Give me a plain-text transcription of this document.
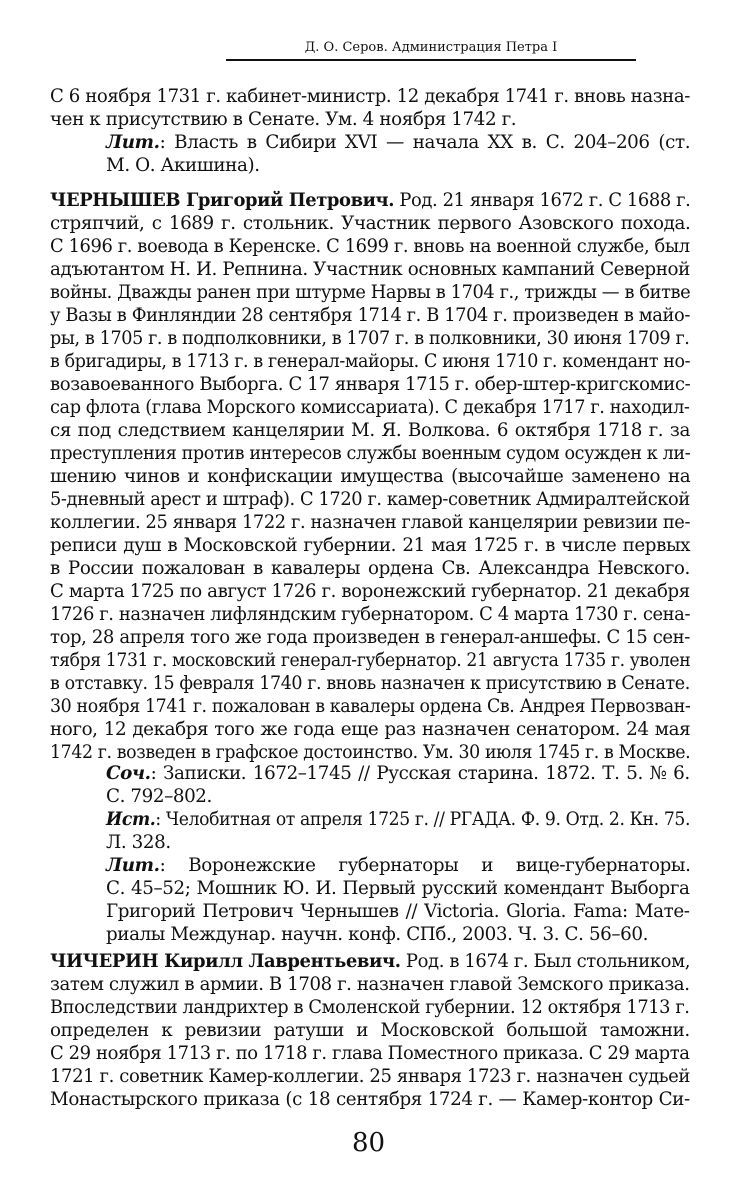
Д. О. Серов. Администрация Петра I
С 6 ноября 1731 г. кабинет-министр. 12 декабря 1741 г. вновь назна-
чен к присутствию в Сенате. Ум. 4 ноября 1742 г.
Лит.: Власть в Сибири XVI — начала XX в. С. 204–206 (ст.
М. О. Акишина).
ЧЕРНЫШЕВ Григорий Петрович. Род. 21 января 1672 г. С 1688 г.
стряпчий, с 1689 г. стольник. Участник первого Азовского похода.
С 1696 г. воевода в Керенске. С 1699 г. вновь на военной службе, был
адъютантом Н. И. Репнина. Участник основных кампаний Северной
войны. Дважды ранен при штурме Нарвы в 1704 г., трижды — в битве
у Вазы в Финляндии 28 сентября 1714 г. В 1704 г. произведен в майо-
ры, в 1705 г. в подполковники, в 1707 г. в полковники, 30 июня 1709 г.
в бригадиры, в 1713 г. в генерал-майоры. С июня 1710 г. комендант но-
возавоеванного Выборга. С 17 января 1715 г. обер-штер-кригскомис-
сар флота (глава Морского комиссариата). С декабря 1717 г. находил-
ся под следствием канцелярии М. Я. Волкова. 6 октября 1718 г. за
преступления против интересов службы военным судом осужден к ли-
шению чинов и конфискации имущества (высочайше заменено на
5-дневный арест и штраф). С 1720 г. камер-советник Адмиралтейской
коллегии. 25 января 1722 г. назначен главой канцелярии ревизии пе-
реписи душ в Московской губернии. 21 мая 1725 г. в числе первых
в России пожалован в кавалеры ордена Св. Александра Невского.
С марта 1725 по август 1726 г. воронежский губернатор. 21 декабря
1726 г. назначен лифляндским губернатором. С 4 марта 1730 г. сена-
тор, 28 апреля того же года произведен в генерал-аншефы. С 15 сен-
тября 1731 г. московский генерал-губернатор. 21 августа 1735 г. уволен
в отставку. 15 февраля 1740 г. вновь назначен к присутствию в Сенате.
30 ноября 1741 г. пожалован в кавалеры ордена Св. Андрея Первозван-
ного, 12 декабря того же года еще раз назначен сенатором. 24 мая
1742 г. возведен в графское достоинство. Ум. 30 июля 1745 г. в Москве.
Соч.: Записки. 1672–1745 // Русская старина. 1872. Т. 5. № 6.
С. 792–802.
Ист.: Челобитная от апреля 1725 г. // РГАДА. Ф. 9. Отд. 2. Кн. 75.
Л. 328.
Лит.: Воронежские губернаторы и вице-губернаторы.
С. 45–52; Мошник Ю. И. Первый русский комендант Выборга
Григорий Петрович Чернышев // Victoria. Gloria. Fama: Мате-
риалы Междунар. научн. конф. СПб., 2003. Ч. 3. С. 56–60.
ЧИЧЕРИН Кирилл Лаврентьевич. Род. в 1674 г. Был стольником,
затем служил в армии. В 1708 г. назначен главой Земского приказа.
Впоследствии ландрихтер в Смоленской губернии. 12 октября 1713 г.
определен к ревизии ратуши и Московской большой таможни.
С 29 ноября 1713 г. по 1718 г. глава Поместного приказа. С 29 марта
1721 г. советник Камер-коллегии. 25 января 1723 г. назначен судьей
Монастырского приказа (с 18 сентября 1724 г. — Камер-контор Си-
80
